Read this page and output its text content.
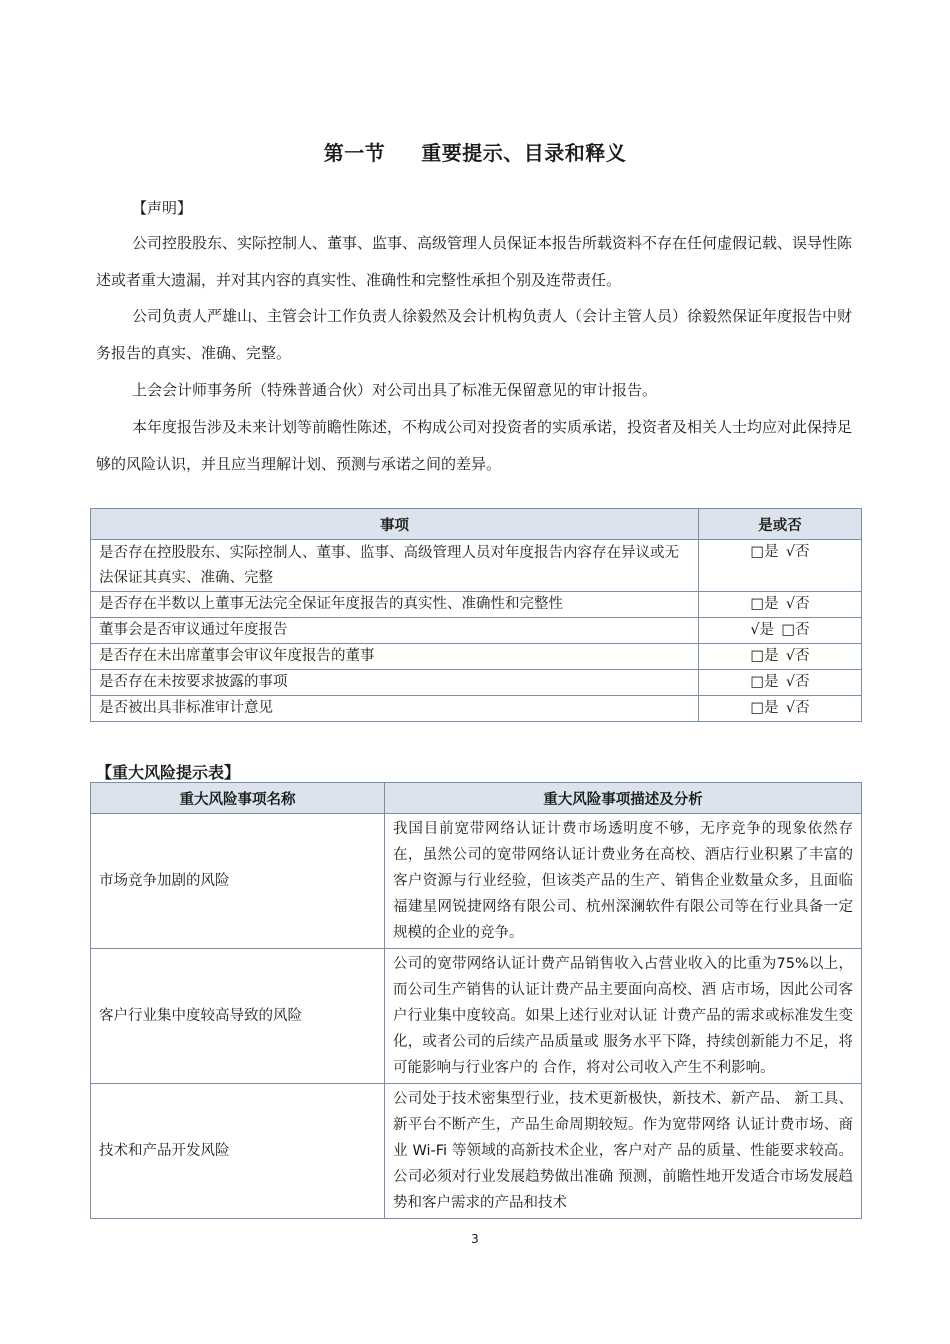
第一节 重要提示、目录和释义

【声明】

公司控股股东、实际控制人、董事、监事、高级管理人员保证本报告所载资料不存在任何虚假记载、误导性陈述或者重大遗漏，并对其内容的真实性、准确性和完整性承担个别及连带责任。

公司负责人严雄山、主管会计工作负责人徐毅然及会计机构负责人（会计主管人员）徐毅然保证年度报告中财务报告的真实、准确、完整。

上会会计师事务所（特殊普通合伙）对公司出具了标准无保留意见的审计报告。

本年度报告涉及未来计划等前瞻性陈述，不构成公司对投资者的实质承诺，投资者及相关人士均应对此保持足够的风险认识，并且应当理解计划、预测与承诺之间的差异。

事项	是或否
是否存在控股股东、实际控制人、董事、监事、高级管理人员对年度报告内容存在异议或无法保证其真实、准确、完整	□是 √否
是否存在半数以上董事无法完全保证年度报告的真实性、准确性和完整性	□是 √否
董事会是否审议通过年度报告	√是 □否
是否存在未出席董事会审议年度报告的董事	□是 √否
是否存在未按要求披露的事项	□是 √否
是否被出具非标准审计意见	□是 √否

【重大风险提示表】

重大风险事项名称	重大风险事项描述及分析
市场竞争加剧的风险	我国目前宽带网络认证计费市场透明度不够，无序竞争的现象依然存在，虽然公司的宽带网络认证计费业务在高校、酒店行业积累了丰富的客户资源与行业经验，但该类产品的生产、销售企业数量众多，且面临福建星网锐捷网络有限公司、杭州深澜软件有限公司等在行业具备一定规模的企业的竞争。
客户行业集中度较高导致的风险	公司的宽带网络认证计费产品销售收入占营业收入的比重为75%以上，而公司生产销售的认证计费产品主要面向高校、酒 店市场，因此公司客户行业集中度较高。如果上述行业对认证 计费产品的需求或标准发生变化，或者公司的后续产品质量或 服务水平下降，持续创新能力不足，将可能影响与行业客户的 合作，将对公司收入产生不利影响。
技术和产品开发风险	公司处于技术密集型行业，技术更新极快，新技术、新产品、 新工具、新平台不断产生，产品生命周期较短。作为宽带网络 认证计费市场、商业 Wi-Fi 等领域的高新技术企业，客户对产 品的质量、性能要求较高。公司必须对行业发展趋势做出准确 预测，前瞻性地开发适合市场发展趋势和客户需求的产品和技术
3
